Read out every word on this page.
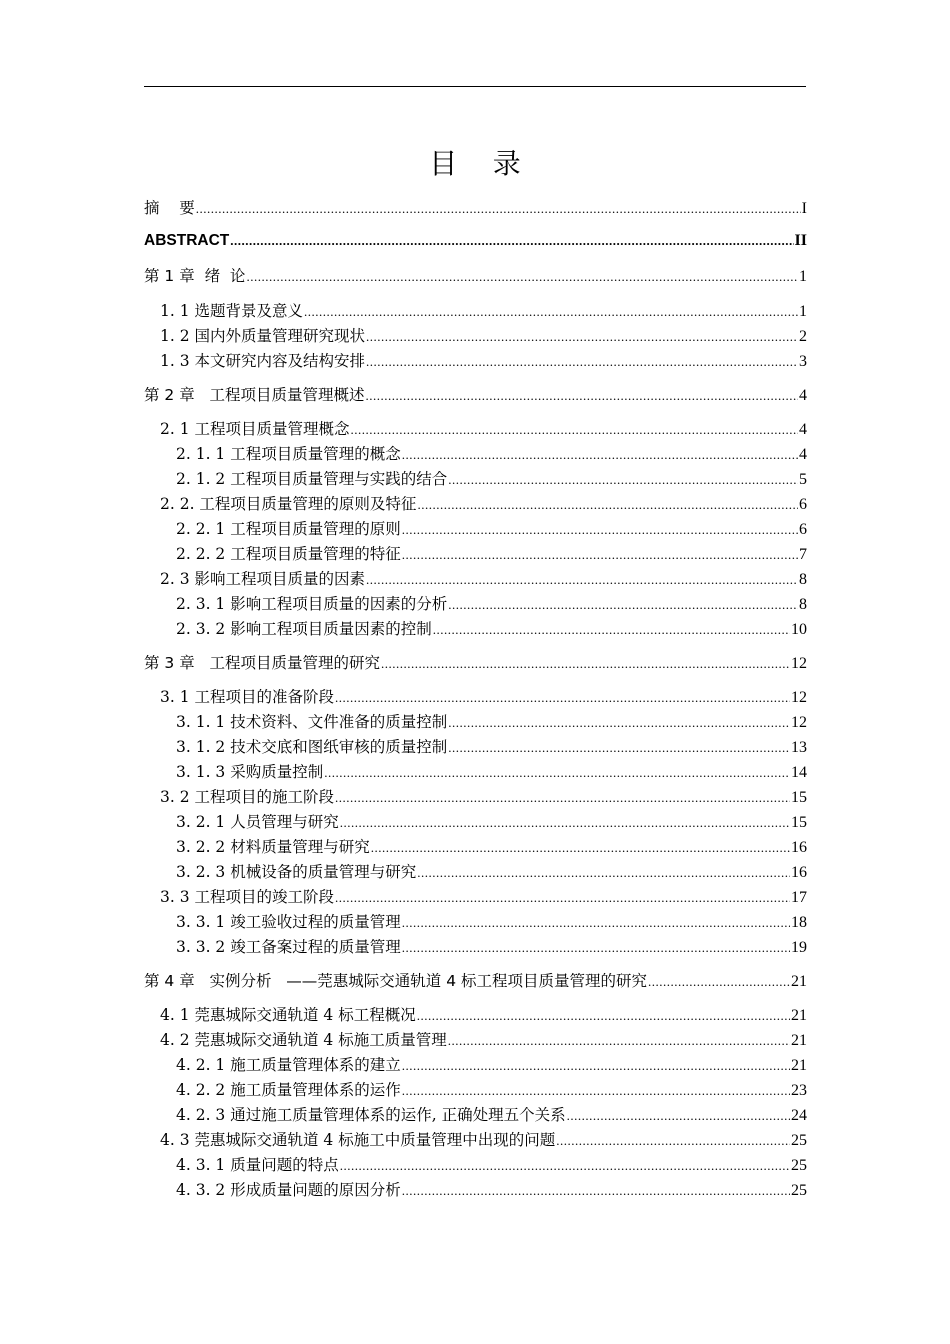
目    录
摘    要 .....	I
ABSTRACT .....	II
第 1 章  绪  论 .....	1
1. 1 选题背景及意义 .....	1
1. 2 国内外质量管理研究现状 .....	2
1. 3 本文研究内容及结构安排 .....	3
第 2 章   工程项目质量管理概述 .....	4
2. 1 工程项目质量管理概念 .....	4
2. 1. 1 工程项目质量管理的概念 .....	4
2. 1. 2 工程项目质量管理与实践的结合 .....	5
2. 2. 工程项目质量管理的原则及特征 .....	6
2. 2. 1 工程项目质量管理的原则 .....	6
2. 2. 2 工程项目质量管理的特征 .....	7
2. 3 影响工程项目质量的因素 .....	8
2. 3. 1 影响工程项目质量的因素的分析 .....	8
2. 3. 2 影响工程项目质量因素的控制 .....	10
第 3 章   工程项目质量管理的研究 .....	12
3. 1 工程项目的准备阶段 .....	12
3. 1. 1 技术资料、文件准备的质量控制 .....	12
3. 1. 2 技术交底和图纸审核的质量控制 .....	13
3. 1. 3 采购质量控制 .....	14
3. 2 工程项目的施工阶段 .....	15
3. 2. 1 人员管理与研究 .....	15
3. 2. 2 材料质量管理与研究 .....	16
3. 2. 3 机械设备的质量管理与研究 .....	16
3. 3 工程项目的竣工阶段 .....	17
3. 3. 1 竣工验收过程的质量管理 .....	18
3. 3. 2 竣工备案过程的质量管理 .....	19
第 4 章   实例分析   ——莞惠城际交通轨道 4 标工程项目质量管理的研究 .....	21
4. 1 莞惠城际交通轨道 4 标工程概况 .....	21
4. 2 莞惠城际交通轨道 4 标施工质量管理 .....	21
4. 2. 1 施工质量管理体系的建立 .....	21
4. 2. 2 施工质量管理体系的运作 .....	23
4. 2. 3 通过施工质量管理体系的运作, 正确处理五个关系 .....	24
4. 3 莞惠城际交通轨道 4 标施工中质量管理中出现的问题 .....	25
4. 3. 1 质量问题的特点 .....	25
4. 3. 2 形成质量问题的原因分析 .....	25
